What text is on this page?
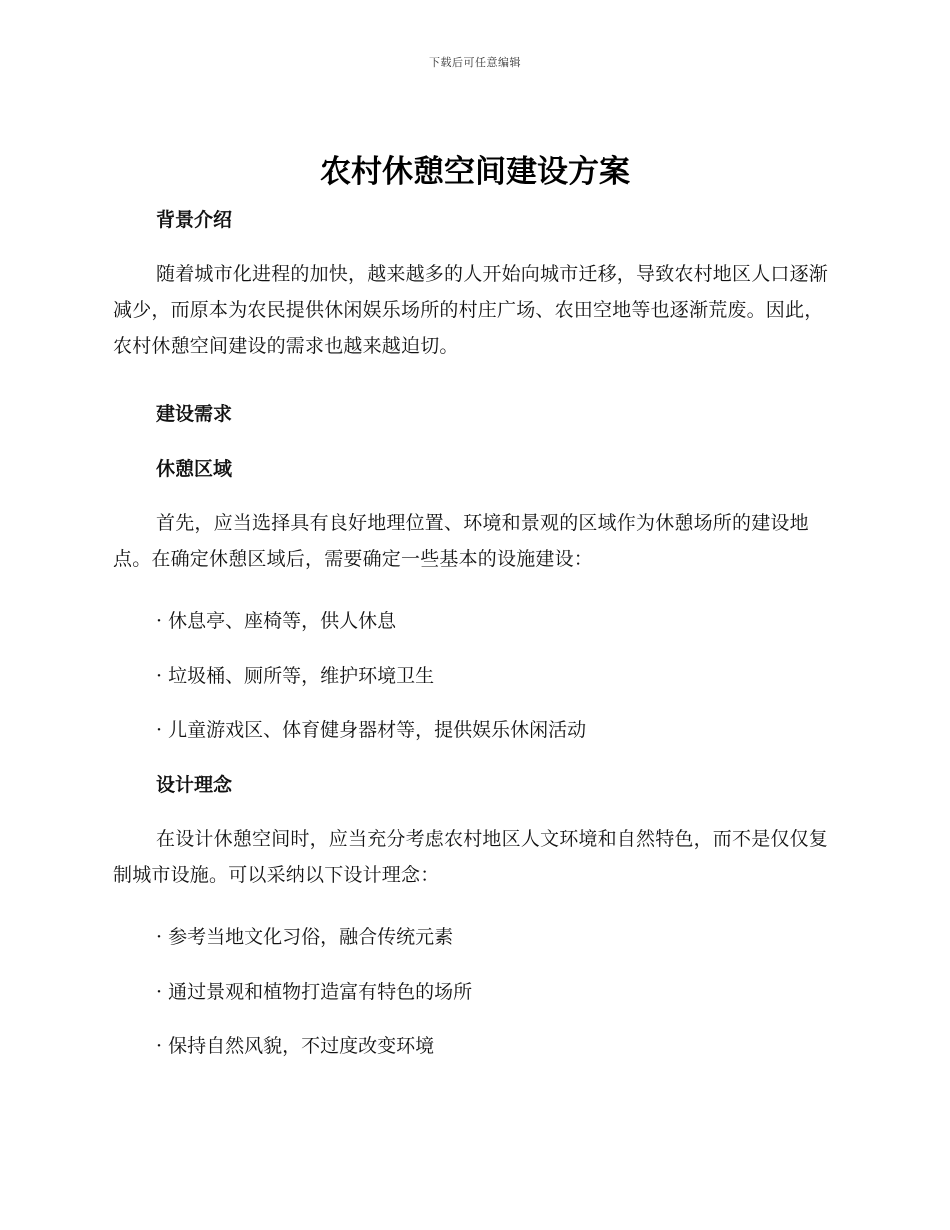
下载后可任意编辑
农村休憩空间建设方案
背景介绍

随着城市化进程的加快，越来越多的人开始向城市迁移，导致农村地区人口逐渐减少，而原本为农民提供休闲娱乐场所的村庄广场、农田空地等也逐渐荒废。因此，农村休憩空间建设的需求也越来越迫切。

建设需求
休憩区域

首先，应当选择具有良好地理位置、环境和景观的区域作为休憩场所的建设地点。在确定休憩区域后，需要确定一些基本的设施建设：

· 休息亭、座椅等，供人休息
· 垃圾桶、厕所等，维护环境卫生
· 儿童游戏区、体育健身器材等，提供娱乐休闲活动
设计理念

在设计休憩空间时，应当充分考虑农村地区人文环境和自然特色，而不是仅仅复制城市设施。可以采纳以下设计理念：

· 参考当地文化习俗，融合传统元素
· 通过景观和植物打造富有特色的场所
· 保持自然风貌，不过度改变环境
